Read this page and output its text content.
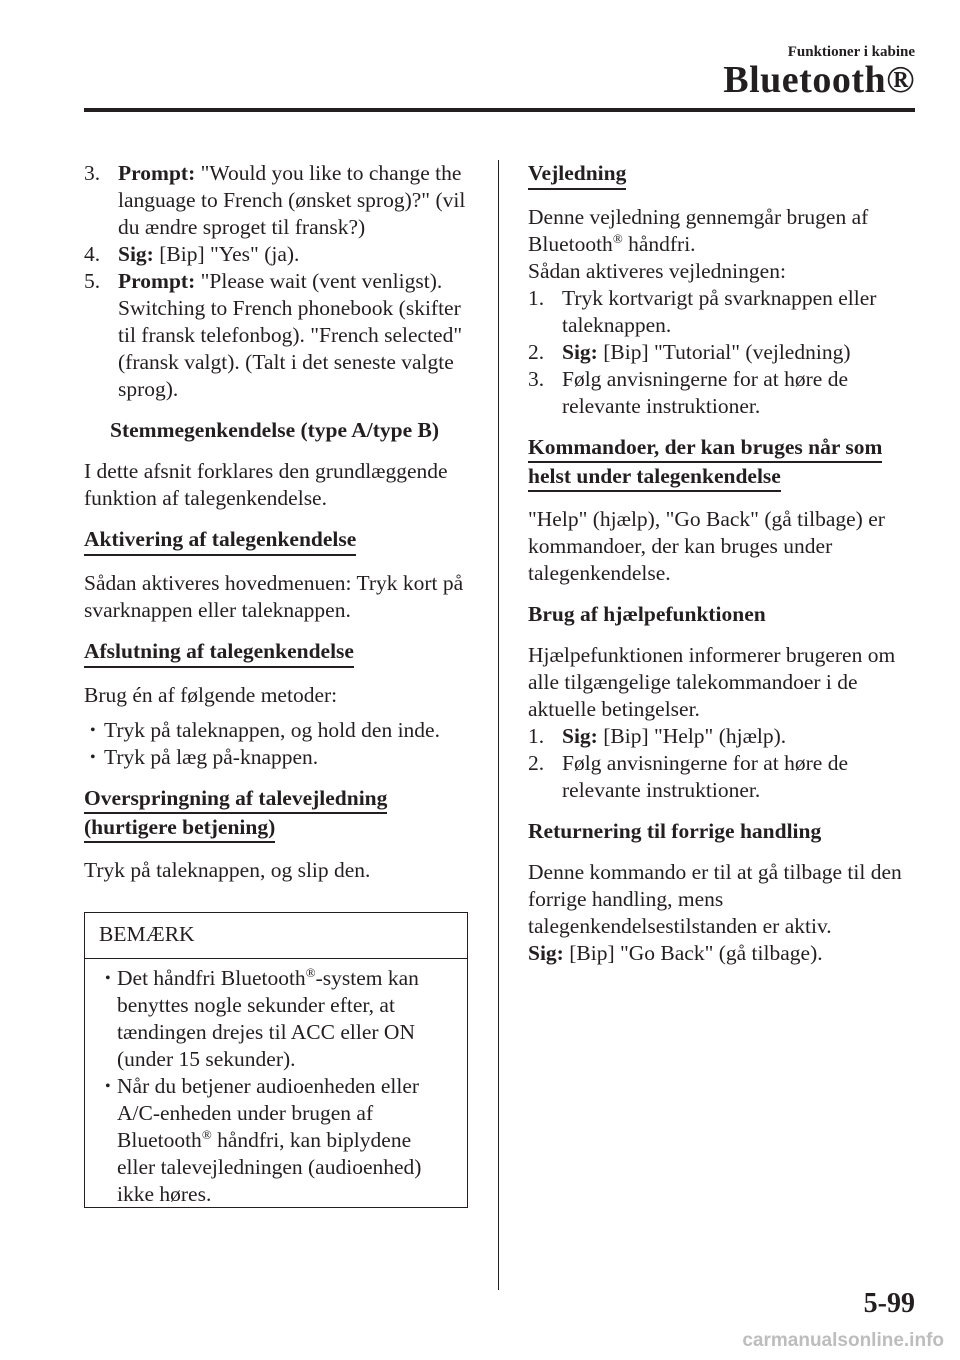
Funktioner i kabine
Bluetooth®
3. Prompt: "Would you like to change the language to French (ønsket sprog)?" (vil du ændre sproget til fransk?)
4. Sig: [Bip] "Yes" (ja).
5. Prompt: "Please wait (vent venligst). Switching to French phonebook (skifter til fransk telefonbog). "French selected" (fransk valgt). (Talt i det seneste valgte sprog).

Stemmegenkendelse (type A/type B)

I dette afsnit forklares den grundlæggende funktion af talegenkendelse.

Aktivering af talegenkendelse

Sådan aktiveres hovedmenuen: Tryk kort på svarknappen eller taleknappen.

Afslutning af talegenkendelse

Brug én af følgende metoder:

• Tryk på taleknappen, og hold den inde.
• Tryk på læg på-knappen.
Overspringning af talevejledning
(hurtigere betjening)

Tryk på taleknappen, og slip den.

BEMÆRK
• Det håndfri Bluetooth®-system kan benyttes nogle sekunder efter, at tændingen drejes til ACC eller ON (under 15 sekunder).
• Når du betjener audioenheden eller A/C-enheden under brugen af Bluetooth® håndfri, kan biplydene eller talevejledningen (audioenhed) ikke høres.
Vejledning

Denne vejledning gennemgår brugen af Bluetooth® håndfri.

Sådan aktiveres vejledningen:

1. Tryk kortvarigt på svarknappen eller taleknappen.
2. Sig: [Bip] "Tutorial" (vejledning)
3. Følg anvisningerne for at høre de relevante instruktioner.
Kommandoer, der kan bruges når som
helst under talegenkendelse

"Help" (hjælp), "Go Back" (gå tilbage) er kommandoer, der kan bruges under talegenkendelse.

Brug af hjælpefunktionen

Hjælpefunktionen informerer brugeren om alle tilgængelige talekommandoer i de aktuelle betingelser.

1. Sig: [Bip] "Help" (hjælp).
2. Følg anvisningerne for at høre de relevante instruktioner.

Returnering til forrige handling

Denne kommando er til at gå tilbage til den forrige handling, mens talegenkendelsestilstanden er aktiv.

Sig: [Bip] "Go Back" (gå tilbage).

5-99
carmanualsonline.info
